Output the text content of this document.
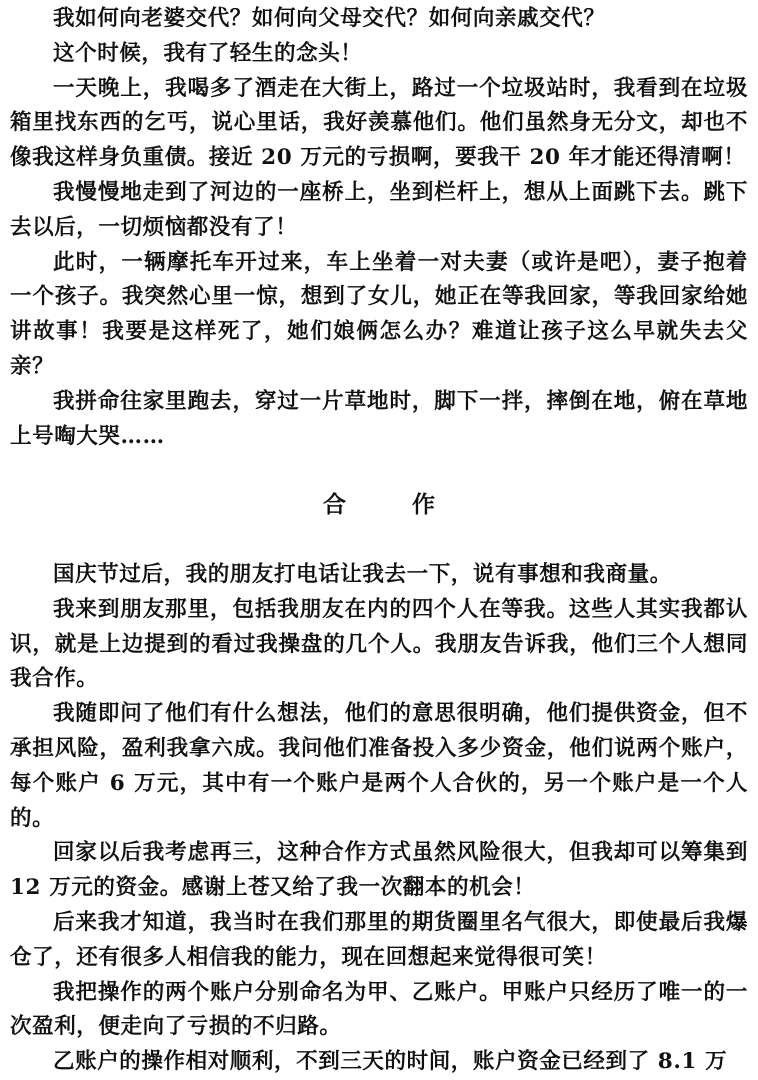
我如何向老婆交代？如何向父母交代？如何向亲戚交代？

这个时候，我有了轻生的念头！

一天晚上，我喝多了酒走在大街上，路过一个垃圾站时，我看到在垃圾箱里找东西的乞丐，说心里话，我好羡慕他们。他们虽然身无分文，却也不像我这样身负重债。接近 20 万元的亏损啊，要我干 20 年才能还得清啊！

我慢慢地走到了河边的一座桥上，坐到栏杆上，想从上面跳下去。跳下去以后，一切烦恼都没有了！

此时，一辆摩托车开过来，车上坐着一对夫妻（或许是吧），妻子抱着一个孩子。我突然心里一惊，想到了女儿，她正在等我回家，等我回家给她讲故事！我要是这样死了，她们娘俩怎么办？难道让孩子这么早就失去父亲？

我拼命往家里跑去，穿过一片草地时，脚下一拌，摔倒在地，俯在草地上号啕大哭……

合	作

国庆节过后，我的朋友打电话让我去一下，说有事想和我商量。

我来到朋友那里，包括我朋友在内的四个人在等我。这些人其实我都认识，就是上边提到的看过我操盘的几个人。我朋友告诉我，他们三个人想同我合作。

我随即问了他们有什么想法，他们的意思很明确，他们提供资金，但不承担风险，盈利我拿六成。我问他们准备投入多少资金，他们说两个账户，每个账户 6 万元，其中有一个账户是两个人合伙的，另一个账户是一个人的。

回家以后我考虑再三，这种合作方式虽然风险很大，但我却可以筹集到 12 万元的资金。感谢上苍又给了我一次翻本的机会！

后来我才知道，我当时在我们那里的期货圈里名气很大，即使最后我爆仓了，还有很多人相信我的能力，现在回想起来觉得很可笑！

我把操作的两个账户分别命名为甲、乙账户。甲账户只经历了唯一的一次盈利，便走向了亏损的不归路。

乙账户的操作相对顺利，不到三天的时间，账户资金已经到了 8.1 万
